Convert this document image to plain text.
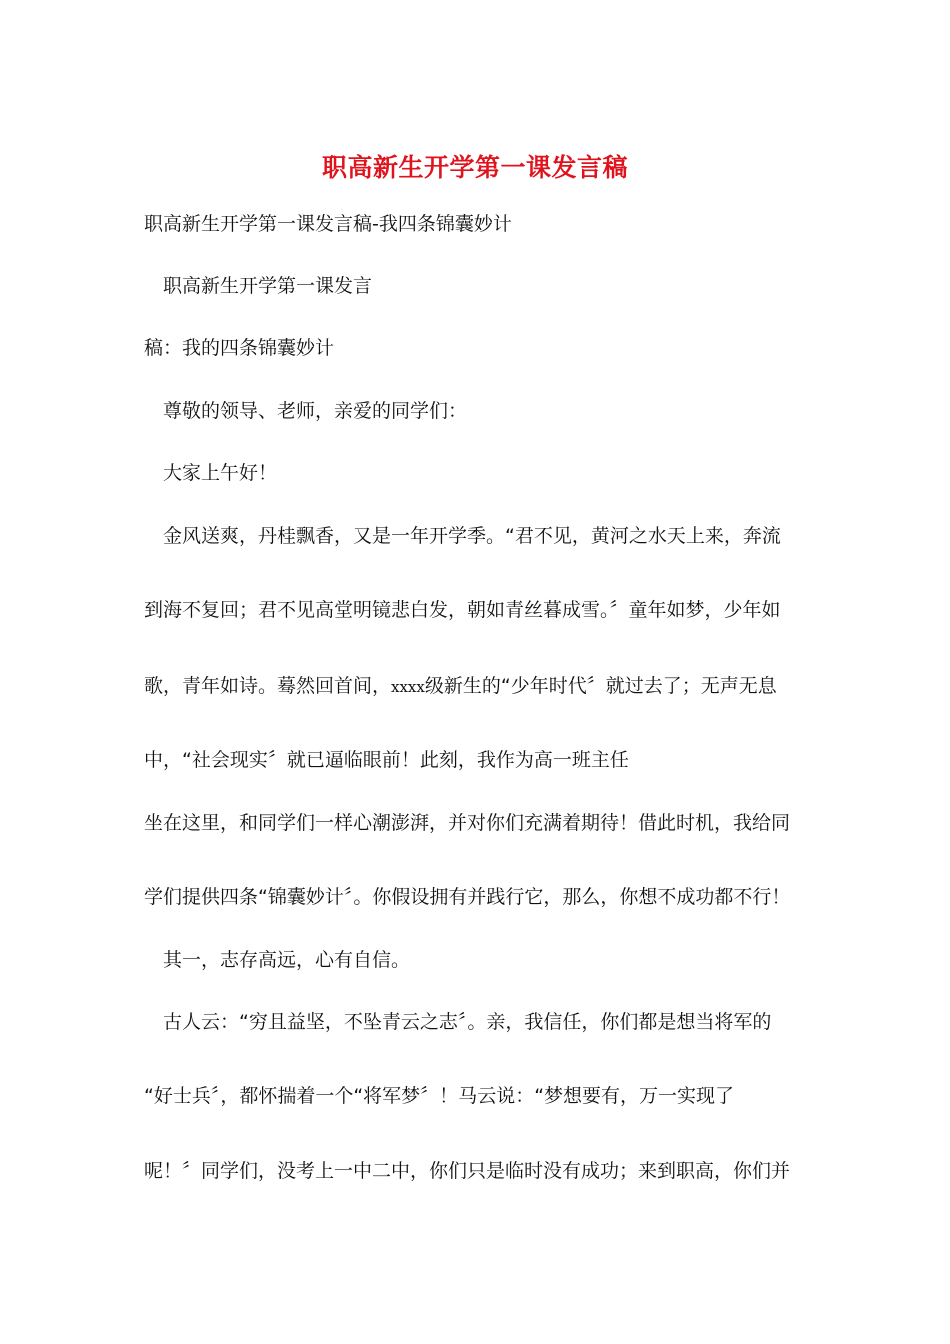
职高新生开学第一课发言稿
职高新生开学第一课发言稿-我四条锦囊妙计
职高新生开学第一课发言
稿：我的四条锦囊妙计
尊敬的领导、老师，亲爱的同学们：
大家上午好！
金风送爽，丹桂飘香，又是一年开学季。“君不见，黄河之水天上来，奔流
到海不复回；君不见高堂明镜悲白发，朝如青丝暮成雪。〞童年如梦，少年如
歌，青年如诗。蓦然回首间，xxxx级新生的“少年时代〞就过去了；无声无息
中，“社会现实〞就已逼临眼前！此刻，我作为高一班主任
坐在这里，和同学们一样心潮澎湃，并对你们充满着期待！借此时机，我给同
学们提供四条“锦囊妙计〞。你假设拥有并践行它，那么，你想不成功都不行！
其一，志存高远，心有自信。
古人云：“穷且益坚，不坠青云之志〞。亲，我信任，你们都是想当将军的
“好士兵〞，都怀揣着一个“将军梦〞！马云说：“梦想要有，万一实现了
呢！〞同学们，没考上一中二中，你们只是临时没有成功；来到职高，你们并
